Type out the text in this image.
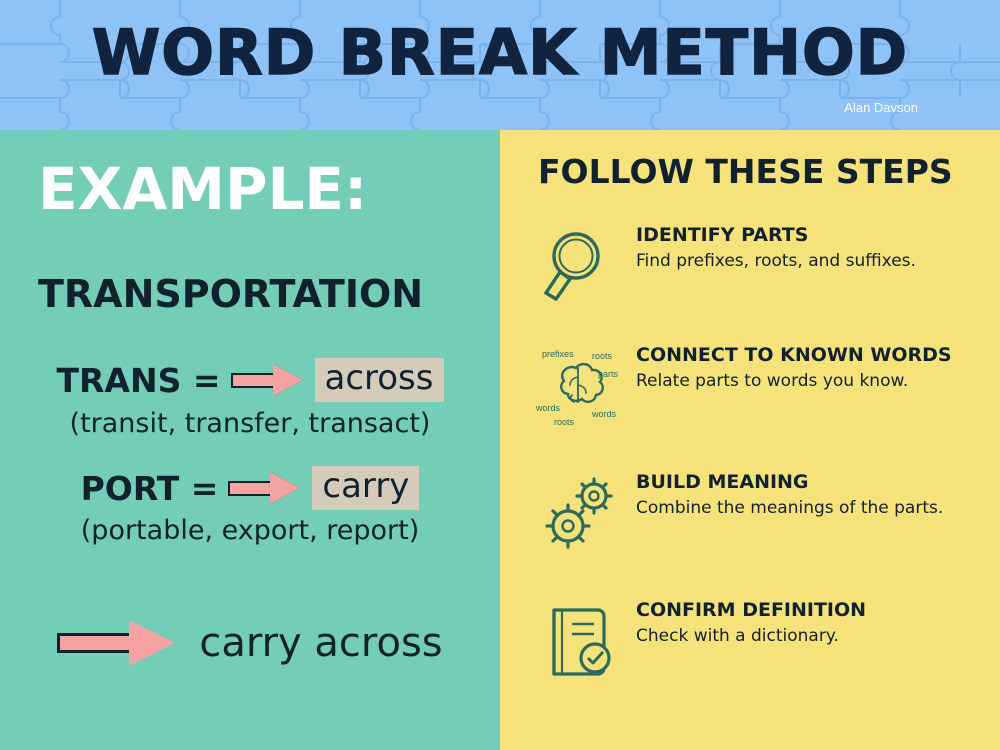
WORD BREAK METHOD
Alan Davson
EXAMPLE:
TRANSPORTATION
TRANS =	across
(transit, transfer, transact)
PORT =	carry
(portable, export, report)
carry across
FOLLOW THESE STEPS
IDENTIFY PARTS
Find prefixes, roots, and suffixes.
prefixes roots
parts
words
roots
words
CONNECT TO KNOWN WORDS
Relate parts to words you know.
BUILD MEANING
Combine the meanings of the parts.
CONFIRM DEFINITION
Check with a dictionary.
